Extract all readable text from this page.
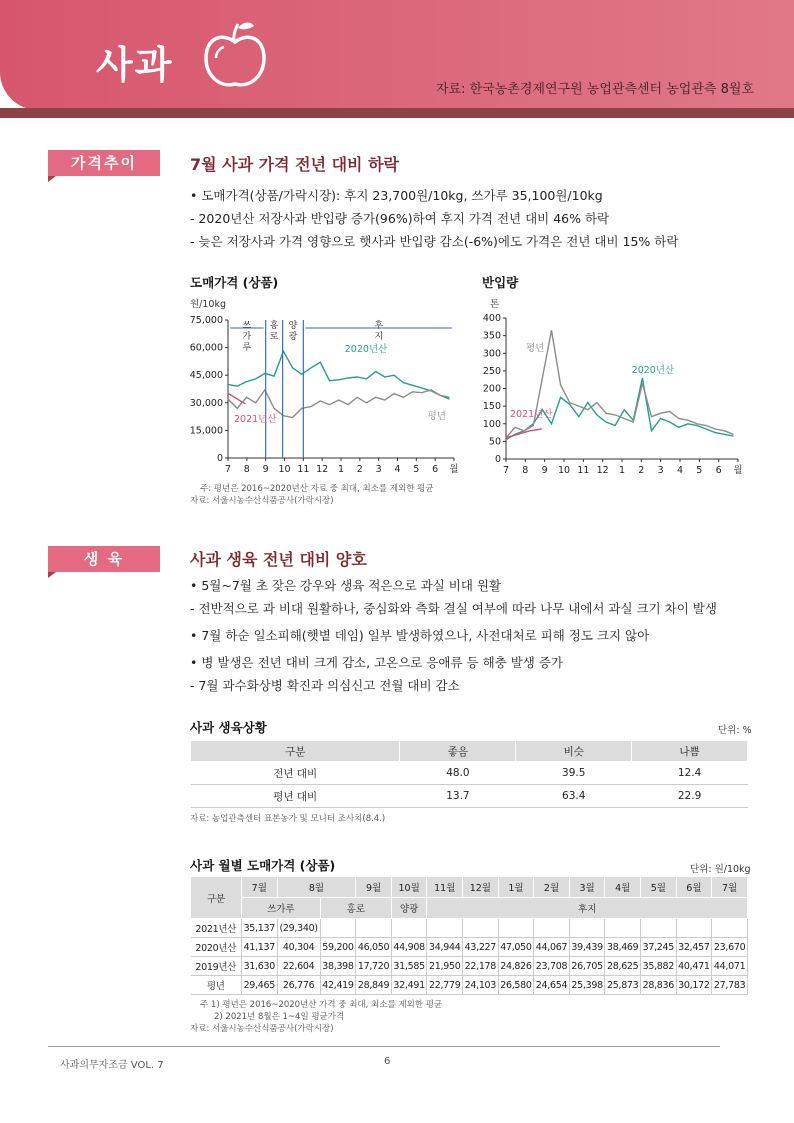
사과
자료: 한국농촌경제연구원 농업관측센터 농업관측 8월호
가격추이	7월 사과 가격 전년 대비 하락
• 도매가격(상품/가락시장): 후지 23,700원/10kg, 쓰가루 35,100원/10kg
- 2020년산 저장사과 반입량 증가(96%)하여 후지 가격 전년 대비 46% 하락
- 늦은 저장사과 가격 영향으로 햇사과 반입량 감소(-6%)에도 가격은 전년 대비 15% 하락
도매가격 (상품)
원/10kg
75,000
60,000
45,000
30,000
15,000
0
7 8 9 10 11 12 1 2 3 4 5 6 월
쓰
가
루
홍
로
양
광
후
지
2020년산
평년
2021년산
반입량
톤
400
350
300
250
200
150
100
50
0
7 8 9 10 11 12 1 2 3 4 5 6 월
2020년산
평년
2021년산
주: 평년은 2016~2020년산 자료 중 최대, 최소를 제외한 평균
자료: 서울시농수산식품공사(가락시장)
생 육	사과 생육 전년 대비 양호
• 5월~7월 초 잦은 강우와 생육 적은으로 과실 비대 원활
- 전반적으로 과 비대 원활하나, 중심화와 측화 결실 여부에 따라 나무 내에서 과실 크기 차이 발생
• 7월 하순 일소피해(햇볕 데임) 일부 발생하였으나, 사전대처로 피해 정도 크지 않아
• 병 발생은 전년 대비 크게 감소, 고온으로 응애류 등 해충 발생 증가
- 7월 과수화상병 확진과 의심신고 전월 대비 감소
사과 생육상황	단위: %
구분	좋음	비슷	나쁨
전년 대비	48.0	39.5	12.4
평년 대비	13.7	63.4	22.9
자료: 농업관측센터 표본농가 및 모니터 조사치(8.4.)
사과 월별 도매가격 (상품)	단위: 원/10kg
구분	7월	8월		9월	10월	11월	12월	1월	2월	3월	4월	5월	6월	7월
	쓰가루		홍로		양광	후지								
2021년산	35,137	(29,340)												
2020년산	41,137	40,304	59,200	46,050	44,908	34,944	43,227	47,050	44,067	39,439	38,469	37,245	32,457	23,670
2019년산	31,630	22,604	38,398	17,720	31,585	21,950	22,178	24,826	23,708	26,705	28,625	35,882	40,471	44,071
평년	29,465	26,776	42,419	28,849	32,491	22,779	24,103	26,580	24,654	25,398	25,873	28,836	30,172	27,783
주 1) 평년은 2016~2020년산 가격 중 최대, 최소를 제외한 평균
2) 2021년 8월은 1~4일 평균가격
자료: 서울시농수산식품공사(가락시장)
사과의무자조금 VOL. 7	6
